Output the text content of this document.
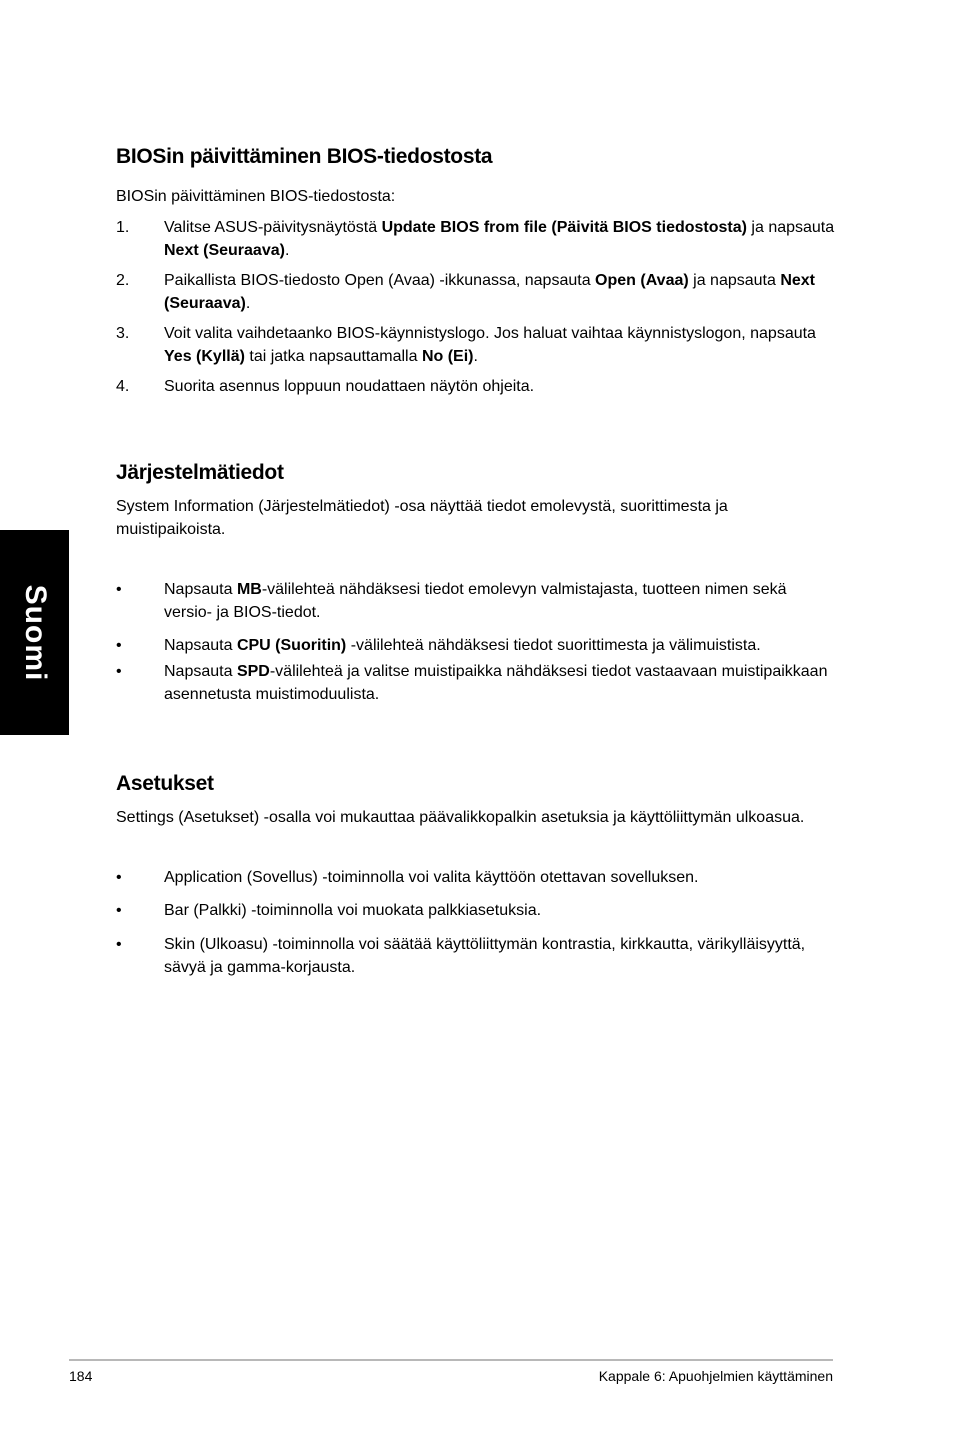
Suomi
BIOSin päivittäminen BIOS-tiedostosta

BIOSin päivittäminen BIOS-tiedostosta:

1. Valitse ASUS-päivitysnäytöstä Update BIOS from file (Päivitä BIOS tiedostosta) ja napsauta Next (Seuraava).
2. Paikallista BIOS-tiedosto Open (Avaa) -ikkunassa, napsauta Open (Avaa) ja napsauta Next (Seuraava).
3. Voit valita vaihdetaanko BIOS-käynnistyslogo. Jos haluat vaihtaa käynnistyslogon, napsauta Yes (Kyllä) tai jatka napsauttamalla No (Ei).
4. Suorita asennus loppuun noudattaen näytön ohjeita.
Järjestelmätiedot

System Information (Järjestelmätiedot) -osa näyttää tiedot emolevystä, suorittimesta ja muistipaikoista.

•	Napsauta MB-välilehteä nähdäksesi tiedot emolevyn valmistajasta, tuotteen nimen sekä versio- ja BIOS-tiedot.
•	Napsauta CPU (Suoritin) -välilehteä nähdäksesi tiedot suorittimesta ja välimuistista.
•	Napsauta SPD-välilehteä ja valitse muistipaikka nähdäksesi tiedot vastaavaan muistipaikkaan asennetusta muistimoduulista.
Asetukset

Settings (Asetukset) -osalla voi mukauttaa päävalikkopalkin asetuksia ja käyttöliittymän ulkoasua.

•	Application (Sovellus) -toiminnolla voi valita käyttöön otettavan sovelluksen.
•	Bar (Palkki) -toiminnolla voi muokata palkkiasetuksia.
•	Skin (Ulkoasu) -toiminnolla voi säätää käyttöliittymän kontrastia, kirkkautta, värikylläisyyttä, sävyä ja gamma-korjausta.
184	Kappale 6: Apuohjelmien käyttäminen
